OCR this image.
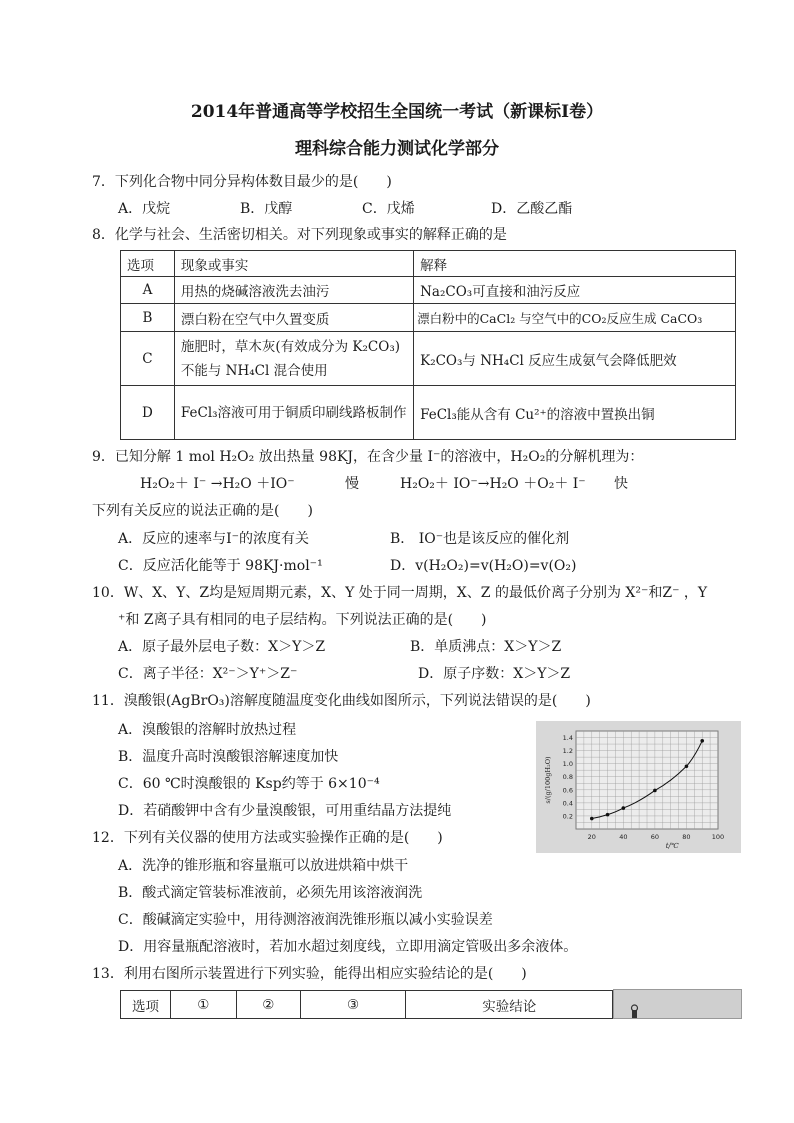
2014年普通高等学校招生全国统一考试（新课标Ⅰ卷）
理科综合能力测试化学部分
7．下列化合物中同分异构体数目最少的是(　　)
A．戊烷	B．戊醇	C．戊烯	D．乙酸乙酯
8．化学与社会、生活密切相关。对下列现象或事实的解释正确的是
选项	现象或事实	解释
A	用热的烧碱溶液洗去油污	Na₂CO₃可直接和油污反应
B	漂白粉在空气中久置变质	漂白粉中的CaCl₂ 与空气中的CO₂反应生成 CaCO₃
C	施肥时，草木灰(有效成分为 K₂CO₃)不能与 NH₄Cl 混合使用	K₂CO₃与 NH₄Cl 反应生成氨气会降低肥效
D	FeCl₃溶液可用于铜质印刷线路板制作	FeCl₃能从含有 Cu²⁺的溶液中置换出铜
9．已知分解 1 mol H₂O₂ 放出热量 98KJ，在含少量 I⁻的溶液中，H₂O₂的分解机理为：
H₂O₂＋ I⁻ →H₂O ＋IO⁻	慢	H₂O₂＋ IO⁻→H₂O ＋O₂＋ I⁻ 快
下列有关反应的说法正确的是(　　)
A．反应的速率与I⁻的浓度有关	B． IO⁻也是该反应的催化剂
C．反应活化能等于 98KJ·mol⁻¹	D．v(H₂O₂)=v(H₂O)=v(O₂)
10．W、X、Y、Z均是短周期元素，X、Y 处于同一周期，X、Z 的最低价离子分别为 X²⁻和Z⁻ ，Y
⁺和 Z离子具有相同的电子层结构。下列说法正确的是(　　)
A．原子最外层电子数：X＞Y＞Z	B．单质沸点：X＞Y＞Z
C．离子半径：X²⁻＞Y⁺＞Z⁻	D．原子序数：X＞Y＞Z
11．溴酸银(AgBrO₃)溶解度随温度变化曲线如图所示，下列说法错误的是(　　)
A．溴酸银的溶解时放热过程
B．温度升高时溴酸银溶解速度加快
C．60 ℃时溴酸银的 Ksp约等于 6×10⁻⁴
D．若硝酸钾中含有少量溴酸银，可用重结晶方法提纯	0.2
0.4
0.6
0.8
1.0
1.2
1.4
20	40	60	80	100
t/℃
s/(g/100gH₂O)
12．下列有关仪器的使用方法或实验操作正确的是(　　)
A．洗净的锥形瓶和容量瓶可以放进烘箱中烘干
B．酸式滴定管装标准液前，必须先用该溶液润洗
C．酸碱滴定实验中，用待测溶液润洗锥形瓶以减小实验误差
D．用容量瓶配溶液时，若加水超过刻度线，立即用滴定管吸出多余液体。
13．利用右图所示装置进行下列实验，能得出相应实验结论的是(　　)
选项	①	②	③	实验结论
